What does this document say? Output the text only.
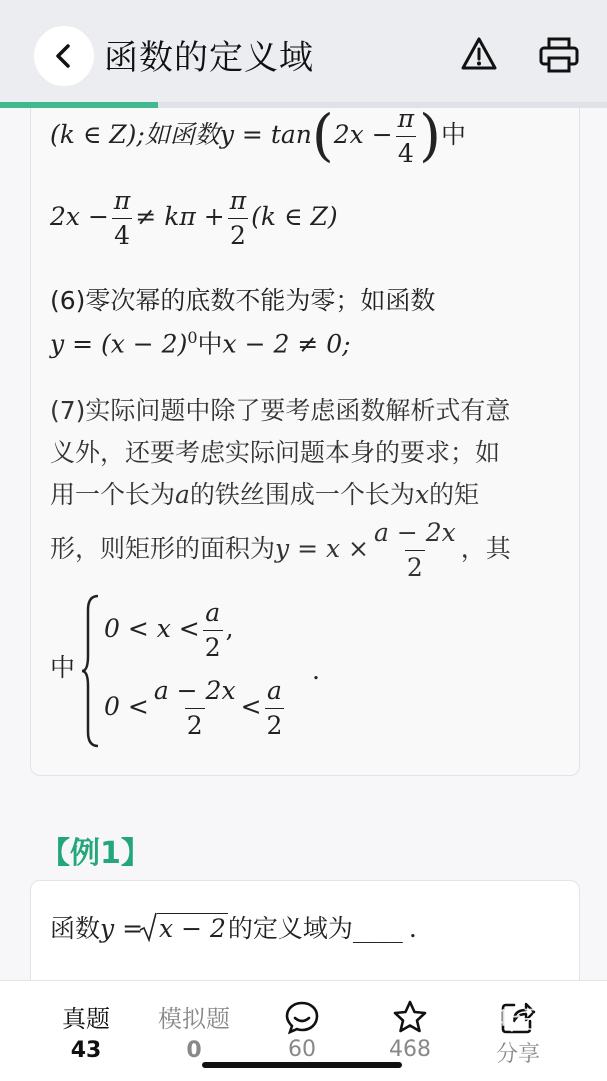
函数的定义域
(k ∈ Z);如函数$y = \tan(2x - \frac{\pi}{4}$ )中
$2x - \frac{\pi}{4} \ne k\pi + \frac{\pi}{2} (k$ ∈ Z)
(6)零次幂的底数不能为零；如函数
$y = (x - 2)^0$中x − 2 ≠ 0;
(7)实际问题中除了要考虑函数解析式有意
义外，还要考虑实际问题本身的要求；如
用一个长为a的铁丝围成一个长为x的矩
形，则矩形的面积为$y = x \times \frac{a - 2x}{2}$ ，其
中
$0 < x < \frac{a}{2}$ ,
$0 < \frac{a - 2x}{2} < \frac{a}{2}$
.
【例1】
函数y = x − 2的定义域为____ .
真题
43
模拟题
0	60	468	分享
叶子
